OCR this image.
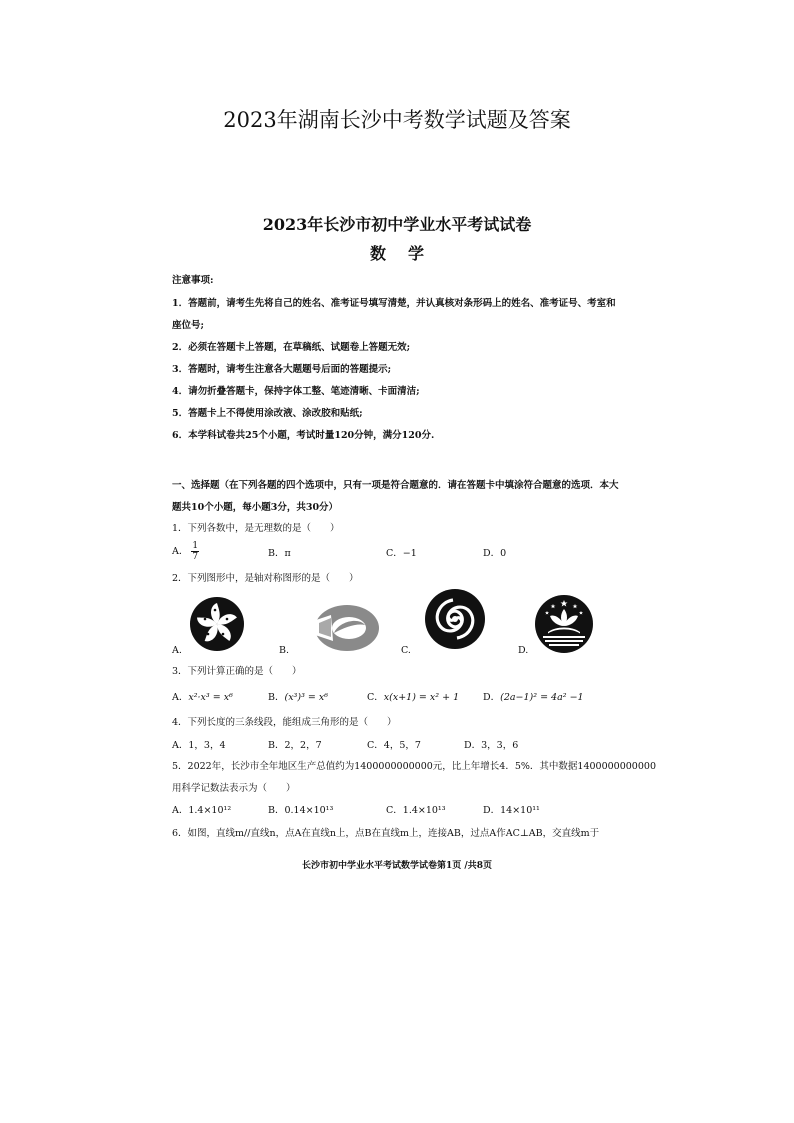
2023年湖南长沙中考数学试题及答案
2023年长沙市初中学业水平考试试卷
数学
注意事项:
1．答题前，请考生先将自己的姓名、准考证号填写清楚，并认真核对条形码上的姓名、准考证号、考室和
座位号;
2．必须在答题卡上答题，在草稿纸、试题卷上答题无效;
3．答题时，请考生注意各大题题号后面的答题提示;
4．请勿折叠答题卡，保持字体工整、笔迹清晰、卡面清洁;
5．答题卡上不得使用涂改液、涂改胶和贴纸;
6．本学科试卷共25个小题，考试时量120分钟，满分120分.
一、选择题（在下列各题的四个选项中，只有一项是符合题意的．请在答题卡中填涂符合题意的选项．本大
题共10个小题，每小题3分，共30分）
1．下列各数中，是无理数的是（　　）
A． $\frac{1}{7}$	B．π	C．−1	D．0
2．下列图形中，是轴对称图形的是（　　）
A.	B.	C.	D.
3．下列计算正确的是（　　）
A．x²·x³ = x⁶	B．(x³)³ = x⁶	C．x(x+1) = x² + 1	D．(2a−1)² = 4a² −1
4．下列长度的三条线段，能组成三角形的是（　　）
A．1，3，4	B．2，2，7	C．4，5，7	D．3，3，6
5．2022年，长沙市全年地区生产总值约为1400000000000元，比上年增长4．5%．其中数据1400000000000
用科学记数法表示为（　　）
A．1.4×10¹²	B．0.14×10¹³	C．1.4×10¹³	D．14×10¹¹
6．如图，直线m//直线n，点A在直线n上，点B在直线m上，连接AB，过点A作AC⊥AB，交直线m于
长沙市初中学业水平考试数学试卷第1页 /共8页
